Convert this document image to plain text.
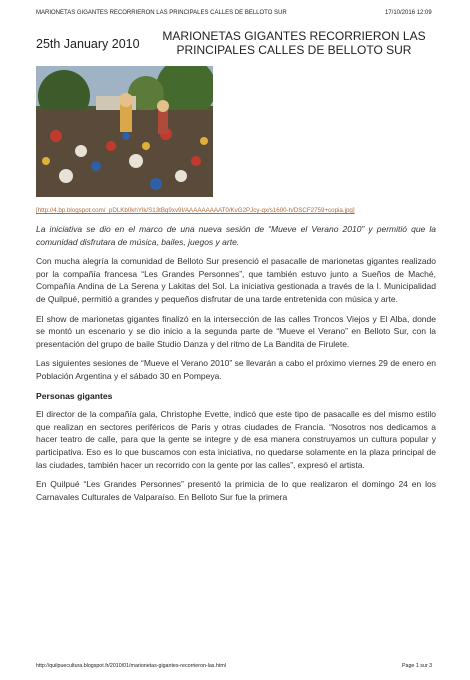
MARIONETAS GIGANTES RECORRIERON LAS PRINCIPALES CALLES DE BELLOTO SUR	17/10/2016 12:09
25th January 2010
MARIONETAS GIGANTES RECORRIERON LAS PRINCIPALES CALLES DE BELLOTO SUR
[http://4.bp.blogspot.com/_pDLKb0khYlk/S13tBq9xv9I/AAAAAAAAAT0/KvG2PJcy-qx/s1600-h/DSCF2759+copia.jpg]

La iniciativa se dio en el marco de una nueva sesión de “Mueve el Verano 2010” y permitió que la comunidad disfrutara de música, bailes, juegos y arte.

Con mucha alegría la comunidad de Belloto Sur presenció el pasacalle de marionetas gigantes realizado por la compañía francesa “Les Grandes Personnes”, que también estuvo junto a Sueños de Maché, Compañía Andina de La Serena y Lakitas del Sol. La iniciativa gestionada a través de la I. Municipalidad de Quilpué, permitió a grandes y pequeños disfrutar de una tarde entretenida con música y arte.

El show de marionetas gigantes finalizó en la intersección de las calles Troncos Viejos y El Alba, donde se montó un escenario y se dio inicio a la segunda parte de “Mueve el Verano” en Belloto Sur, con la presentación del grupo de baile Studio Danza y del ritmo de La Bandita de Firulete.

Las siguientes sesiones de “Mueve el Verano 2010” se llevarán a cabo el próximo viernes 29 de enero en Población Argentina y el sábado 30 en Pompeya.

Personas gigantes

El director de la compañía gala, Christophe Evette, indicó que este tipo de pasacalle es del mismo estilo que realizan en sectores periféricos de Paris y otras ciudades de Francia. “Nosotros nos dedicamos a hacer teatro de calle, para que la gente se integre y de esa manera construyamos un cultura popular y participativa. Eso es lo que buscamos con esta iniciativa, no quedarse solamente en la plaza principal de las ciudades, también hacer un recorrido con la gente por las calles”, expresó el artista.

En Quilpué “Les Grandes Personnes” presentó la primicia de lo que realizaron el domingo 24 en los Carnavales Culturales de Valparaíso. En Belloto Sur fue la primera

http://quilpuecultura.blogspot.fr/2010/01/marionetas-gigantes-recorrieron-las.html	Page 1 sur 3
